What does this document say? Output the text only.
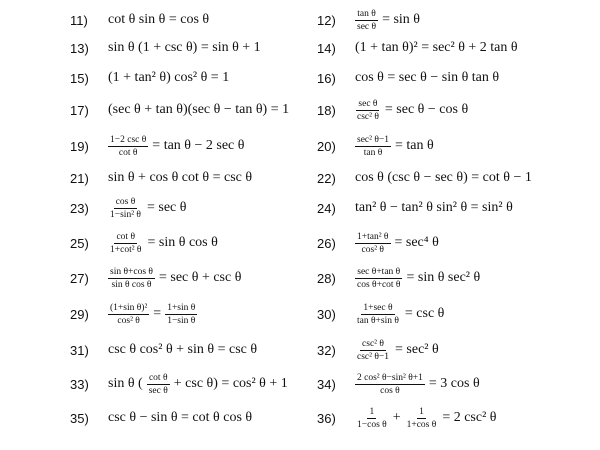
11)	cot θ sin θ = cos θ	12)	$\frac{\text{tan θ}}{\text{sec θ}} = \sin \theta$
13)	sin θ (1 + csc θ) = sin θ + 1	14)	(1 + tan θ)² = sec² θ + 2 tan θ
15)	(1 + tan² θ) cos² θ = 1	16)	cos θ = sec θ − sin θ tan θ
17)	(sec θ + tan θ)(sec θ − tan θ) = 1 18)	$\frac{\text{sec θ}}{\text{csc² θ}} = \sec \theta - \cos \theta$
19)	$\frac{\text{1−2 csc θ}}{\text{cot θ}} = \tan \theta - 2$ sec θ	20)	$\frac{\text{sec² θ−1}}{\text{tan θ}} = \tan \theta$
21)	sin θ + cos θ cot θ = csc θ	22)	cos θ (csc θ − sec θ) = cot θ − 1
23)	$\frac{\text{cos θ}}{\text{1−sin² θ}} = \sec \theta$	24)	tan² θ − tan² θ sin² θ = sin² θ
25)	$\frac{\text{cot θ}}{\text{1+cot² θ}} = \sin \theta$ cos θ	26)	$\frac{\text{1+tan² θ}}{\text{cos² θ}} = \sec^4$ θ
27)	$\frac{\text{sin θ+cos θ}}{\text{sin θ cos θ}} = \sec \theta + \csc \theta$	28)	$\frac{\text{sec θ+tan θ}}{\text{cos θ+cot θ}} = \sin \theta$ sec² θ
29)	$\frac{\text{(1+sin θ)²}}{\text{cos² θ}} = \frac{\text{1+sin θ}}{\text{1−sin θ}}$	30)	$\frac{\text{1+sec θ}}{\text{tan θ+sin θ}} = \csc \theta$
31)	csc θ cos² θ + sin θ = csc θ	32)	$\frac{\text{csc² θ}}{\text{csc² θ−1}} = \sec^2$ θ
33)	sin θ ( $\frac{\text{cot θ}}{\text{sec θ}} + \csc \theta) = \cos^2$ θ + 1 34)	$\frac{\text{2 cos² θ−sin² θ+1}}{\text{cos θ}} = 3$ cos θ
35)	csc θ − sin θ = cot θ cos θ	36)	$\frac{1}{\text{1−cos θ}} + \frac{1}{\text{1+cos θ}} = 2$ csc² θ
